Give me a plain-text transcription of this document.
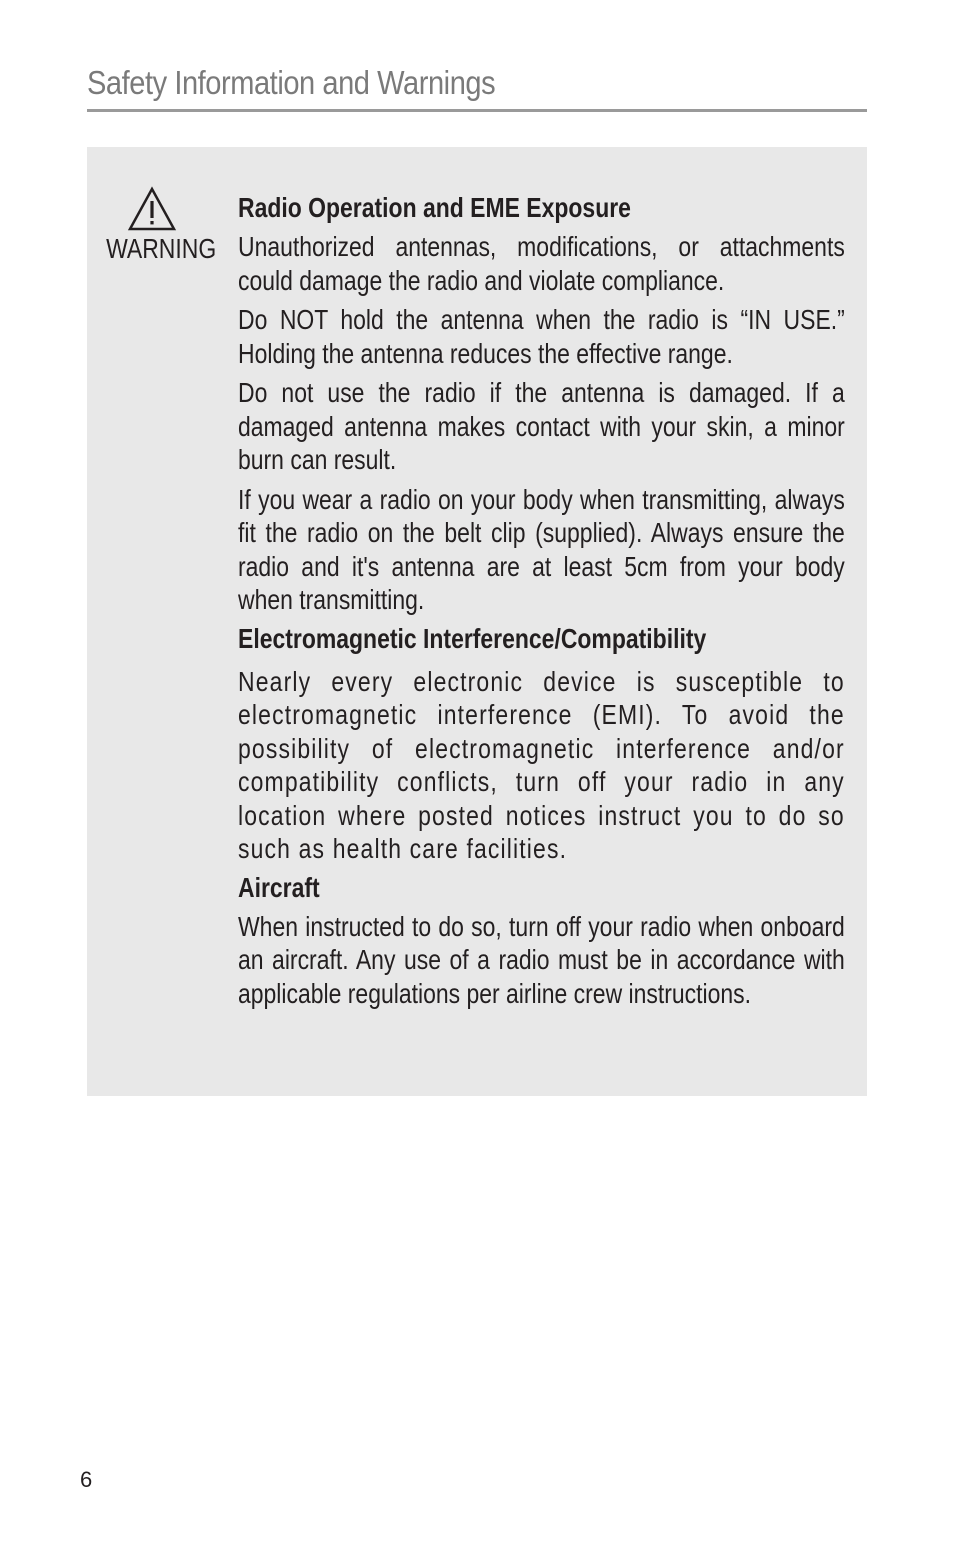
Safety Information and Warnings
WARNING
Radio Operation and EME Exposure

Unauthorized antennas, modifications, or attachments could damage the radio and violate compliance.

Do NOT hold the antenna when the radio is “IN USE.” Holding the antenna reduces the effective range.

Do not use the radio if the antenna is damaged. If a damaged antenna makes contact with your skin, a minor burn can result.

If you wear a radio on your body when transmitting, always fit the radio on the belt clip (supplied). Always ensure the radio and it's antenna are at least 5cm from your body when transmitting.

Electromagnetic Interference/Compatibility

Nearly every electronic device is susceptible to electromagnetic interference (EMI). To avoid the possibility of electromagnetic interference and/or compatibility conflicts, turn off your radio in any location where posted notices instruct you to do so such as health care facilities.

Aircraft

When instructed to do so, turn off your radio when onboard an aircraft. Any use of a radio must be in accordance with applicable regulations per airline crew instructions.

6
